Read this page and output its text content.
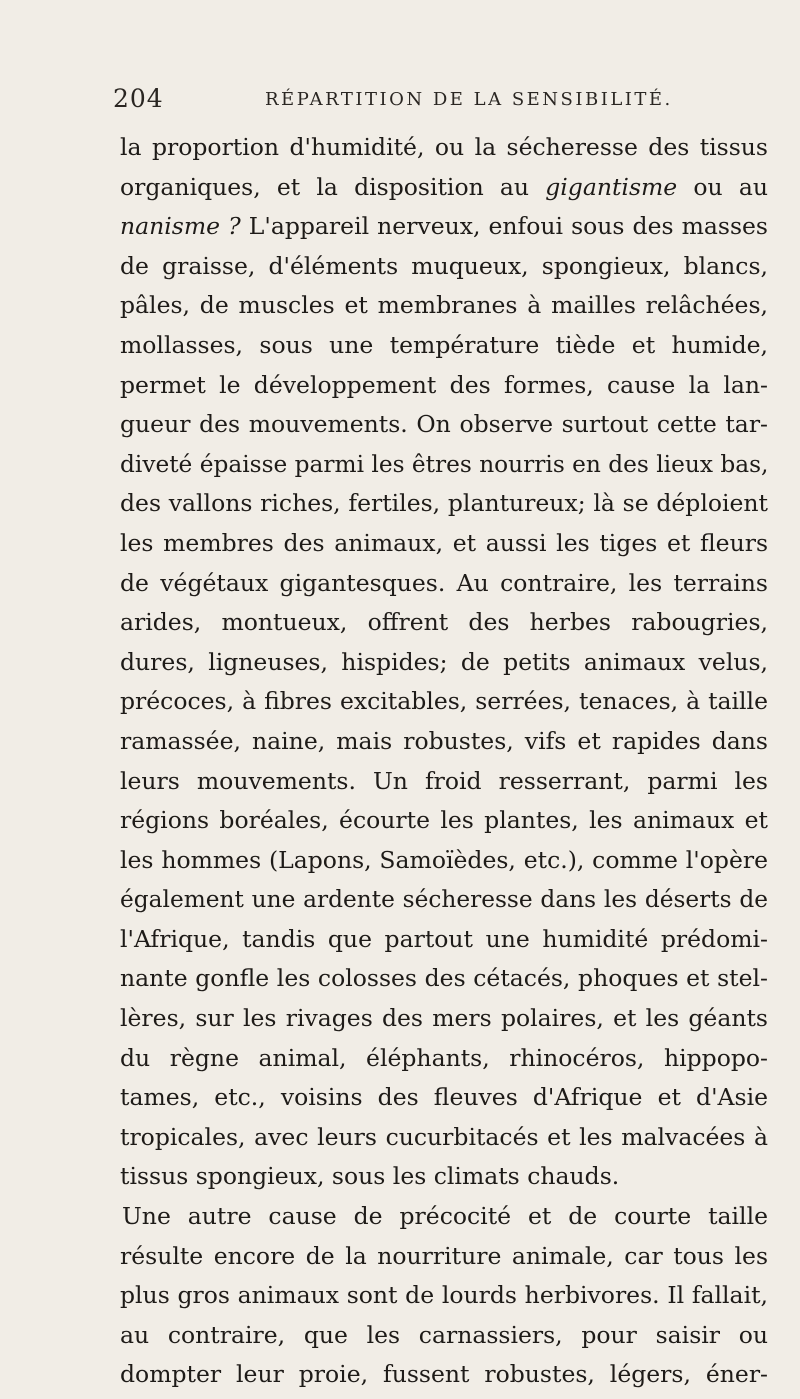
204	RÉPARTITION DE LA SENSIBILITÉ.
la proportion d'humidité, ou la sécheresse des tissus
organiques, et la disposition au gigantisme ou au
nanisme ? L'appareil nerveux, enfoui sous des masses
de graisse, d'éléments muqueux, spongieux, blancs,
pâles, de muscles et membranes à mailles relâchées,
mollasses, sous une température tiède et humide,
permet le développement des formes, cause la lan-
gueur des mouvements. On observe surtout cette tar-
diveté épaisse parmi les êtres nourris en des lieux bas,
des vallons riches, fertiles, plantureux; là se déploient
les membres des animaux, et aussi les tiges et fleurs
de végétaux gigantesques. Au contraire, les terrains
arides, montueux, offrent des herbes rabougries,
dures, ligneuses, hispides; de petits animaux velus,
précoces, à fibres excitables, serrées, tenaces, à taille
ramassée, naine, mais robustes, vifs et rapides dans
leurs mouvements. Un froid resserrant, parmi les
régions boréales, écourte les plantes, les animaux et
les hommes (Lapons, Samoïèdes, etc.), comme l'opère
également une ardente sécheresse dans les déserts de
l'Afrique, tandis que partout une humidité prédomi-
nante gonfle les colosses des cétacés, phoques et stel-
lères, sur les rivages des mers polaires, et les géants
du règne animal, éléphants, rhinocéros, hippopo-
tames, etc., voisins des fleuves d'Afrique et d'Asie
tropicales, avec leurs cucurbitacés et les malvacées à
tissus spongieux, sous les climats chauds.
Une autre cause de précocité et de courte taille
résulte encore de la nourriture animale, car tous les
plus gros animaux sont de lourds herbivores. Il fallait,
au contraire, que les carnassiers, pour saisir ou
dompter leur proie, fussent robustes, légers, éner-
